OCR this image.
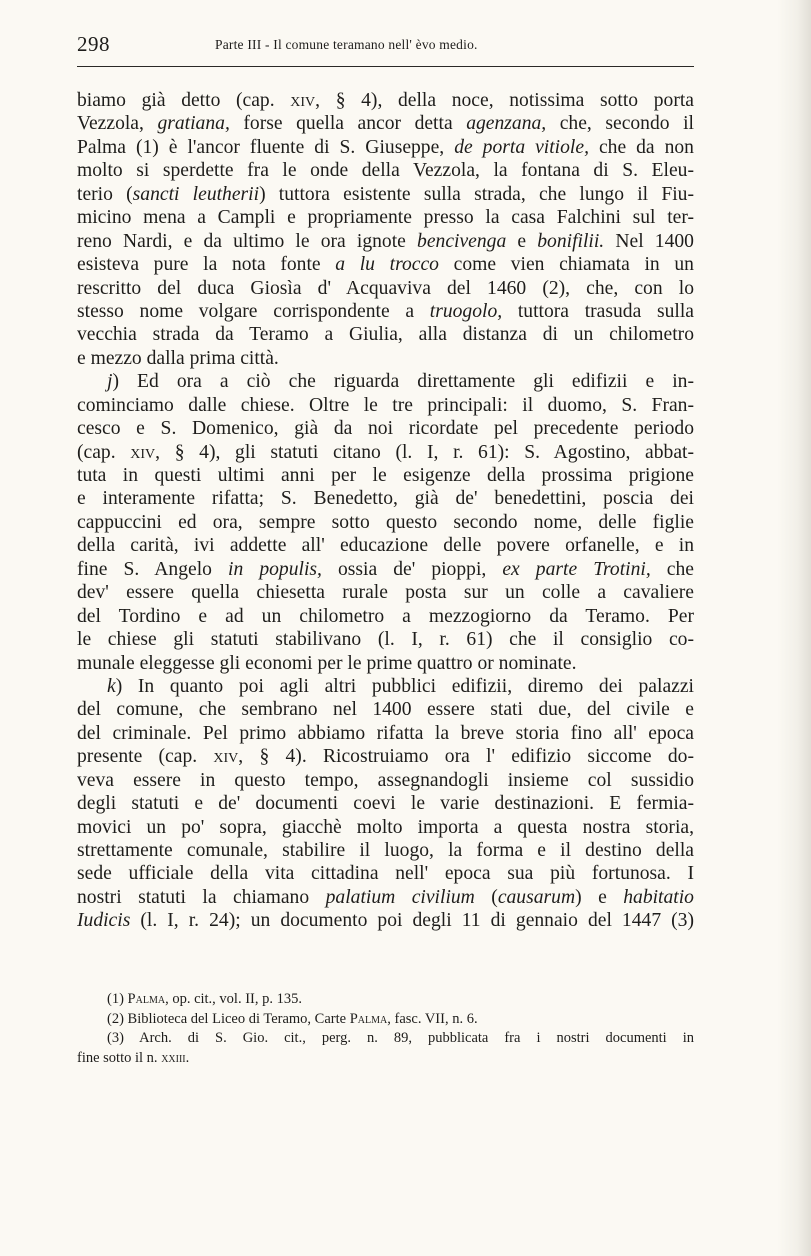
298	Parte III - Il comune teramano nell' èvo medio.
biamo già detto (cap. xiv, § 4), della noce, notissima sotto porta
Vezzola, gratiana, forse quella ancor detta agenzana, che, secondo il
Palma (1) è l'ancor fluente di S. Giuseppe, de porta vitiole, che da non
molto si sperdette fra le onde della Vezzola, la fontana di S. Eleu-
terio (sancti leutherii) tuttora esistente sulla strada, che lungo il Fiu-
micino mena a Campli e propriamente presso la casa Falchini sul ter-
reno Nardi, e da ultimo le ora ignote bencivenga e bonifilii. Nel 1400
esisteva pure la nota fonte a lu trocco come vien chiamata in un
rescritto del duca Giosìa d' Acquaviva del 1460 (2), che, con lo
stesso nome volgare corrispondente a truogolo, tuttora trasuda sulla
vecchia strada da Teramo a Giulia, alla distanza di un chilometro
e mezzo dalla prima città.
j) Ed ora a ciò che riguarda direttamente gli edifizii e in-
cominciamo dalle chiese. Oltre le tre principali: il duomo, S. Fran-
cesco e S. Domenico, già da noi ricordate pel precedente periodo
(cap. xiv, § 4), gli statuti citano (l. I, r. 61): S. Agostino, abbat-
tuta in questi ultimi anni per le esigenze della prossima prigione
e interamente rifatta; S. Benedetto, già de' benedettini, poscia dei
cappuccini ed ora, sempre sotto questo secondo nome, delle figlie
della carità, ivi addette all' educazione delle povere orfanelle, e in
fine S. Angelo in populis, ossia de' pioppi, ex parte Trotini, che
dev' essere quella chiesetta rurale posta sur un colle a cavaliere
del Tordino e ad un chilometro a mezzogiorno da Teramo. Per
le chiese gli statuti stabilivano (l. I, r. 61) che il consiglio co-
munale eleggesse gli economi per le prime quattro or nominate.
k) In quanto poi agli altri pubblici edifizii, diremo dei palazzi
del comune, che sembrano nel 1400 essere stati due, del civile e
del criminale. Pel primo abbiamo rifatta la breve storia fino all' epoca
presente (cap. xiv, § 4). Ricostruiamo ora l' edifizio siccome do-
veva essere in questo tempo, assegnandogli insieme col sussidio
degli statuti e de' documenti coevi le varie destinazioni. E fermia-
movici un po' sopra, giacchè molto importa a questa nostra storia,
strettamente comunale, stabilire il luogo, la forma e il destino della
sede ufficiale della vita cittadina nell' epoca sua più fortunosa. I
nostri statuti la chiamano palatium civilium (causarum) e habitatio
Iudicis (l. I, r. 24); un documento poi degli 11 di gennaio del 1447 (3)
(1) Palma, op. cit., vol. II, p. 135.
(2) Biblioteca del Liceo di Teramo, Carte Palma, fasc. VII, n. 6.
(3) Arch. di S. Gio. cit., perg. n. 89, pubblicata fra i nostri documenti in
fine sotto il n. xxiii.
